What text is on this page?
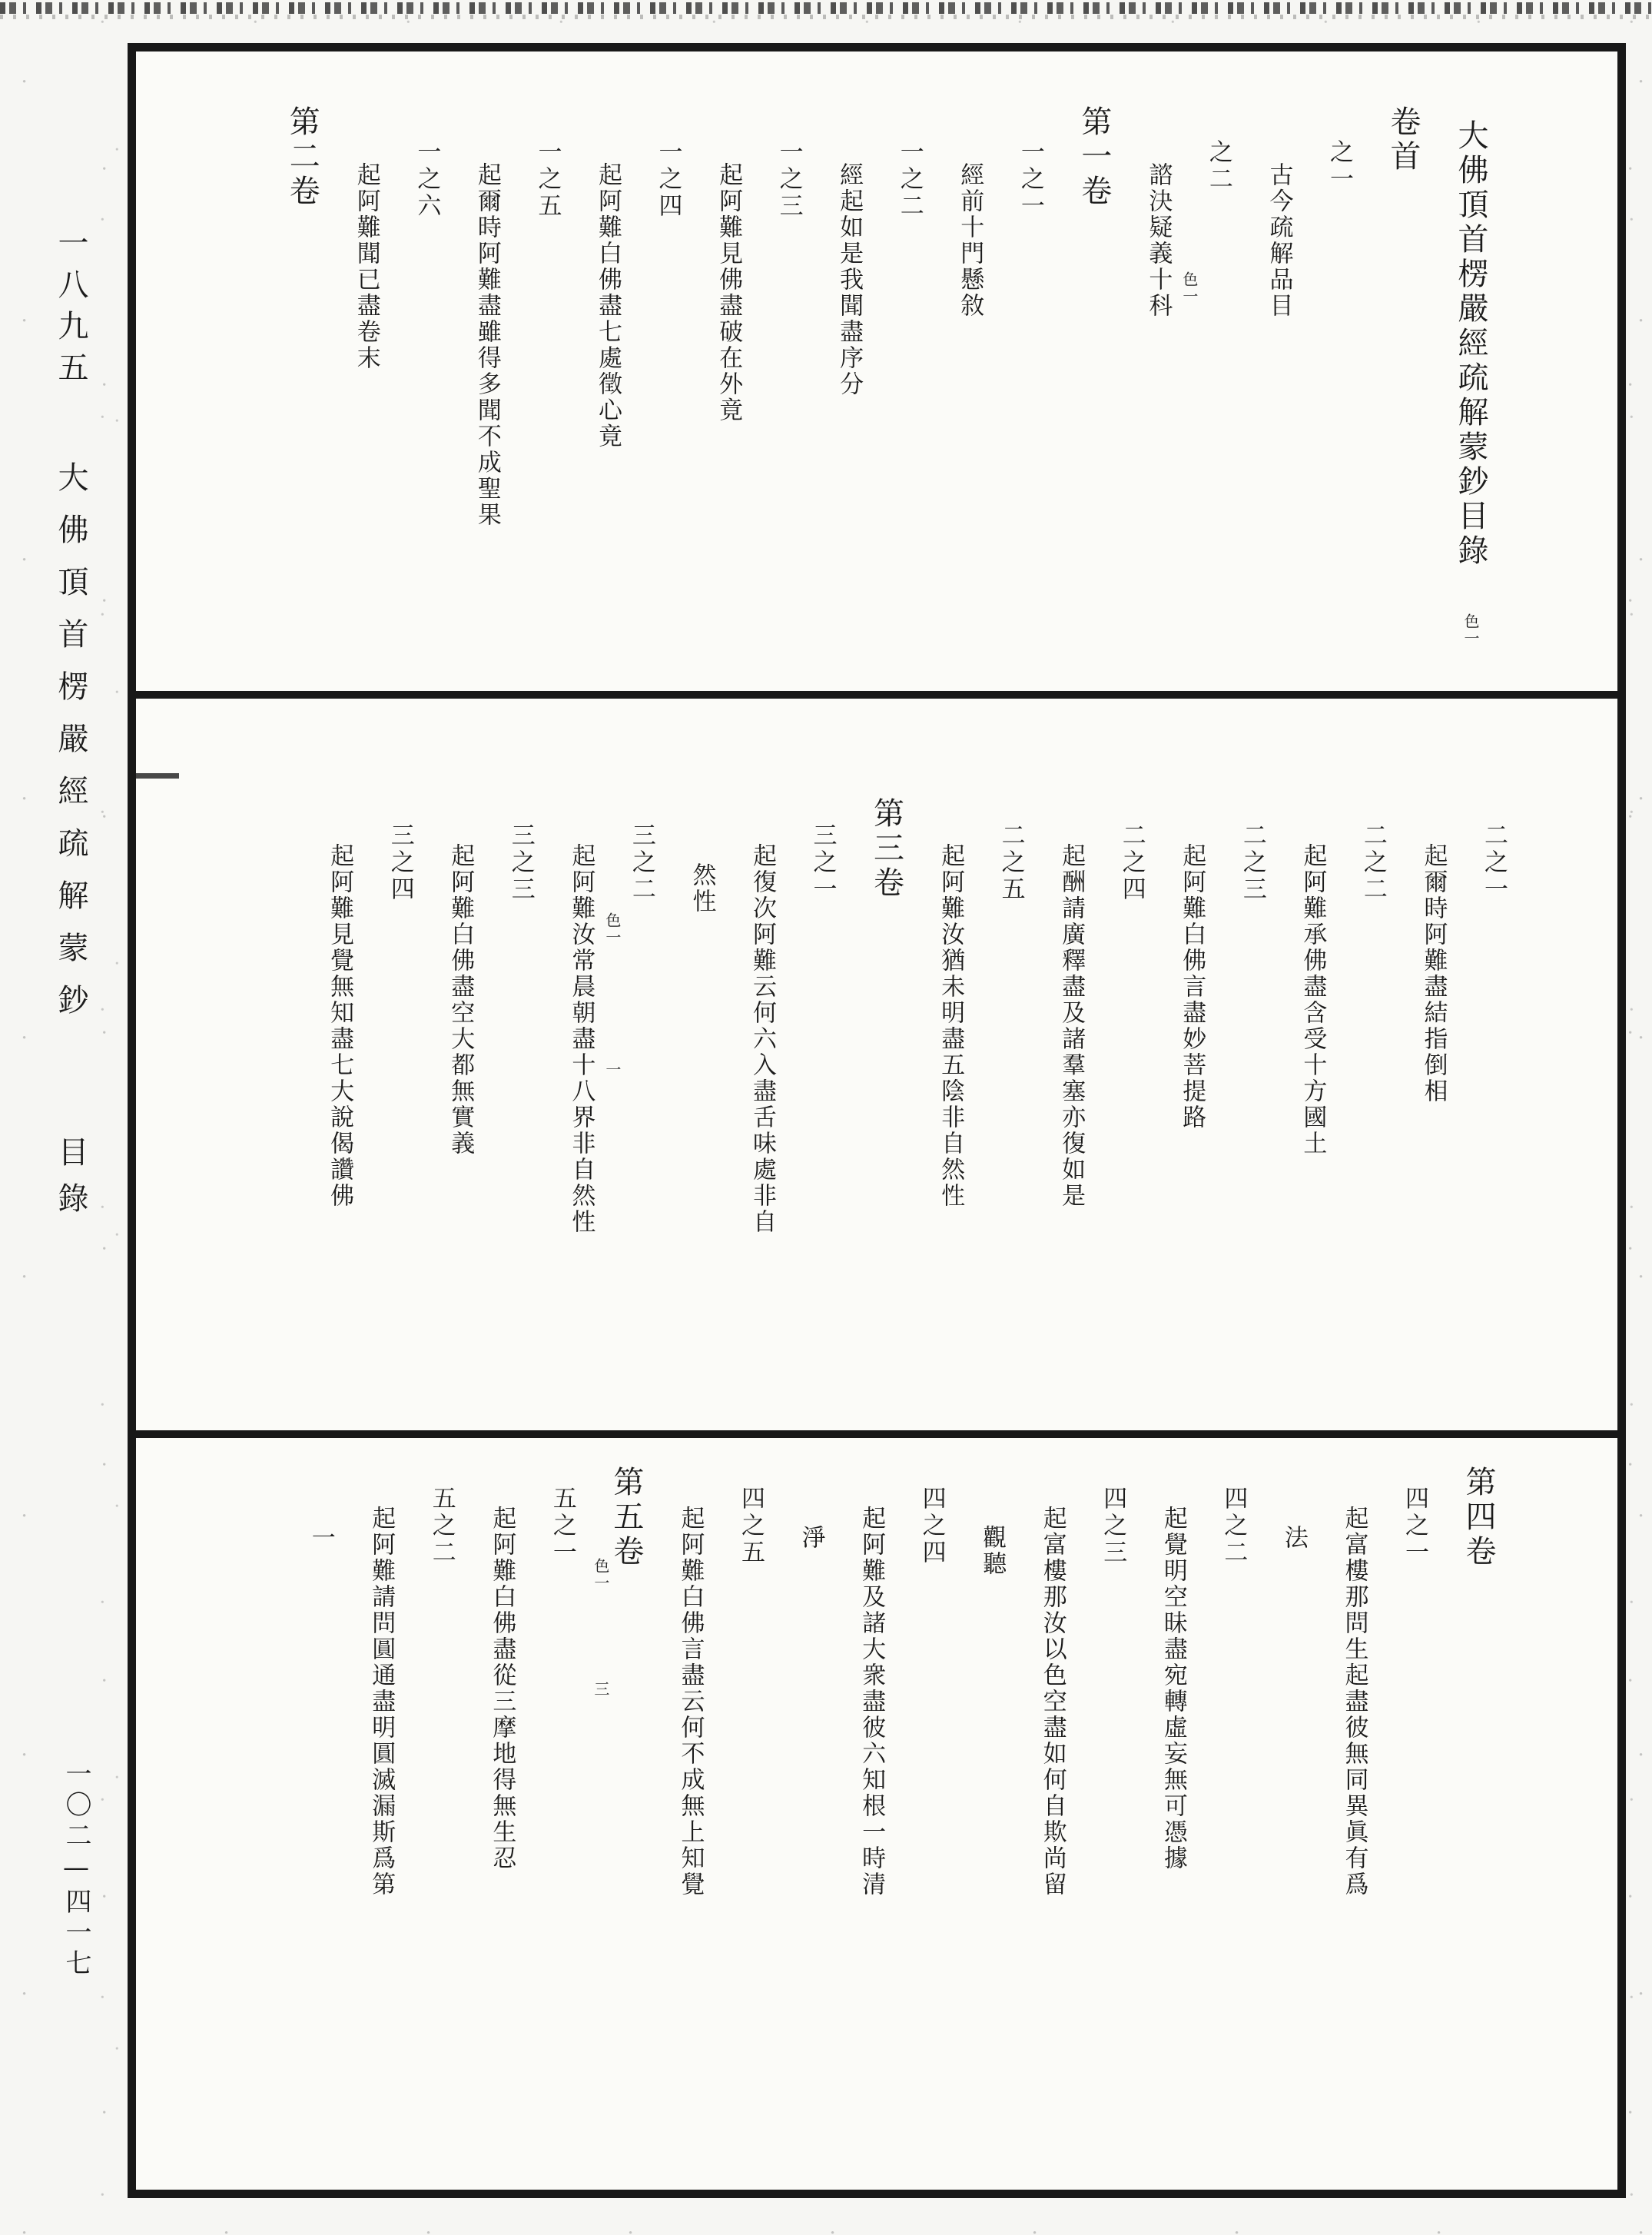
一八九五
大佛頂首楞嚴經疏解蒙鈔
目錄
一〇二—四一七
大佛頂首楞嚴經疏解蒙鈔目錄色一
卷首
之一
古今疏解品目
之二
諮決疑義十科 色一
第一卷
一之一
經前十門懸敘
一之二
經起如是我聞盡序分
一之三
起阿難見佛盡破在外竟
一之四
起阿難白佛盡七處徵心竟
一之五
起爾時阿難盡雖得多聞不成聖果
一之六
起阿難聞已盡卷末
第二卷
二之一
起爾時阿難盡結指倒相
二之二
起阿難承佛盡含受十方國土
二之三
起阿難白佛言盡妙菩提路
二之四
起酬請廣釋盡及諸羣塞亦復如是
二之五
起阿難汝猶未明盡五陰非自然性
第三卷
三之一
起復次阿難云何六入盡舌味處非自
然性
三之二
起阿難汝常晨朝盡十八界非自然性 色一一
三之三
起阿難白佛盡空大都無實義
三之四
起阿難見覺無知盡七大說偈讚佛
第四卷
四之一
起富樓那問生起盡彼無同異眞有爲
法
四之二
起覺明空昧盡宛轉虛妄無可憑據
四之三
起富樓那汝以色空盡如何自欺尚留
觀聽
四之四
起阿難及諸大衆盡彼六知根一時清
淨
四之五
起阿難白佛言盡云何不成無上知覺
第五卷
色一三
五之一
起阿難白佛盡從三摩地得無生忍
五之二
起阿難請問圓通盡明圓滅漏斯爲第
一
